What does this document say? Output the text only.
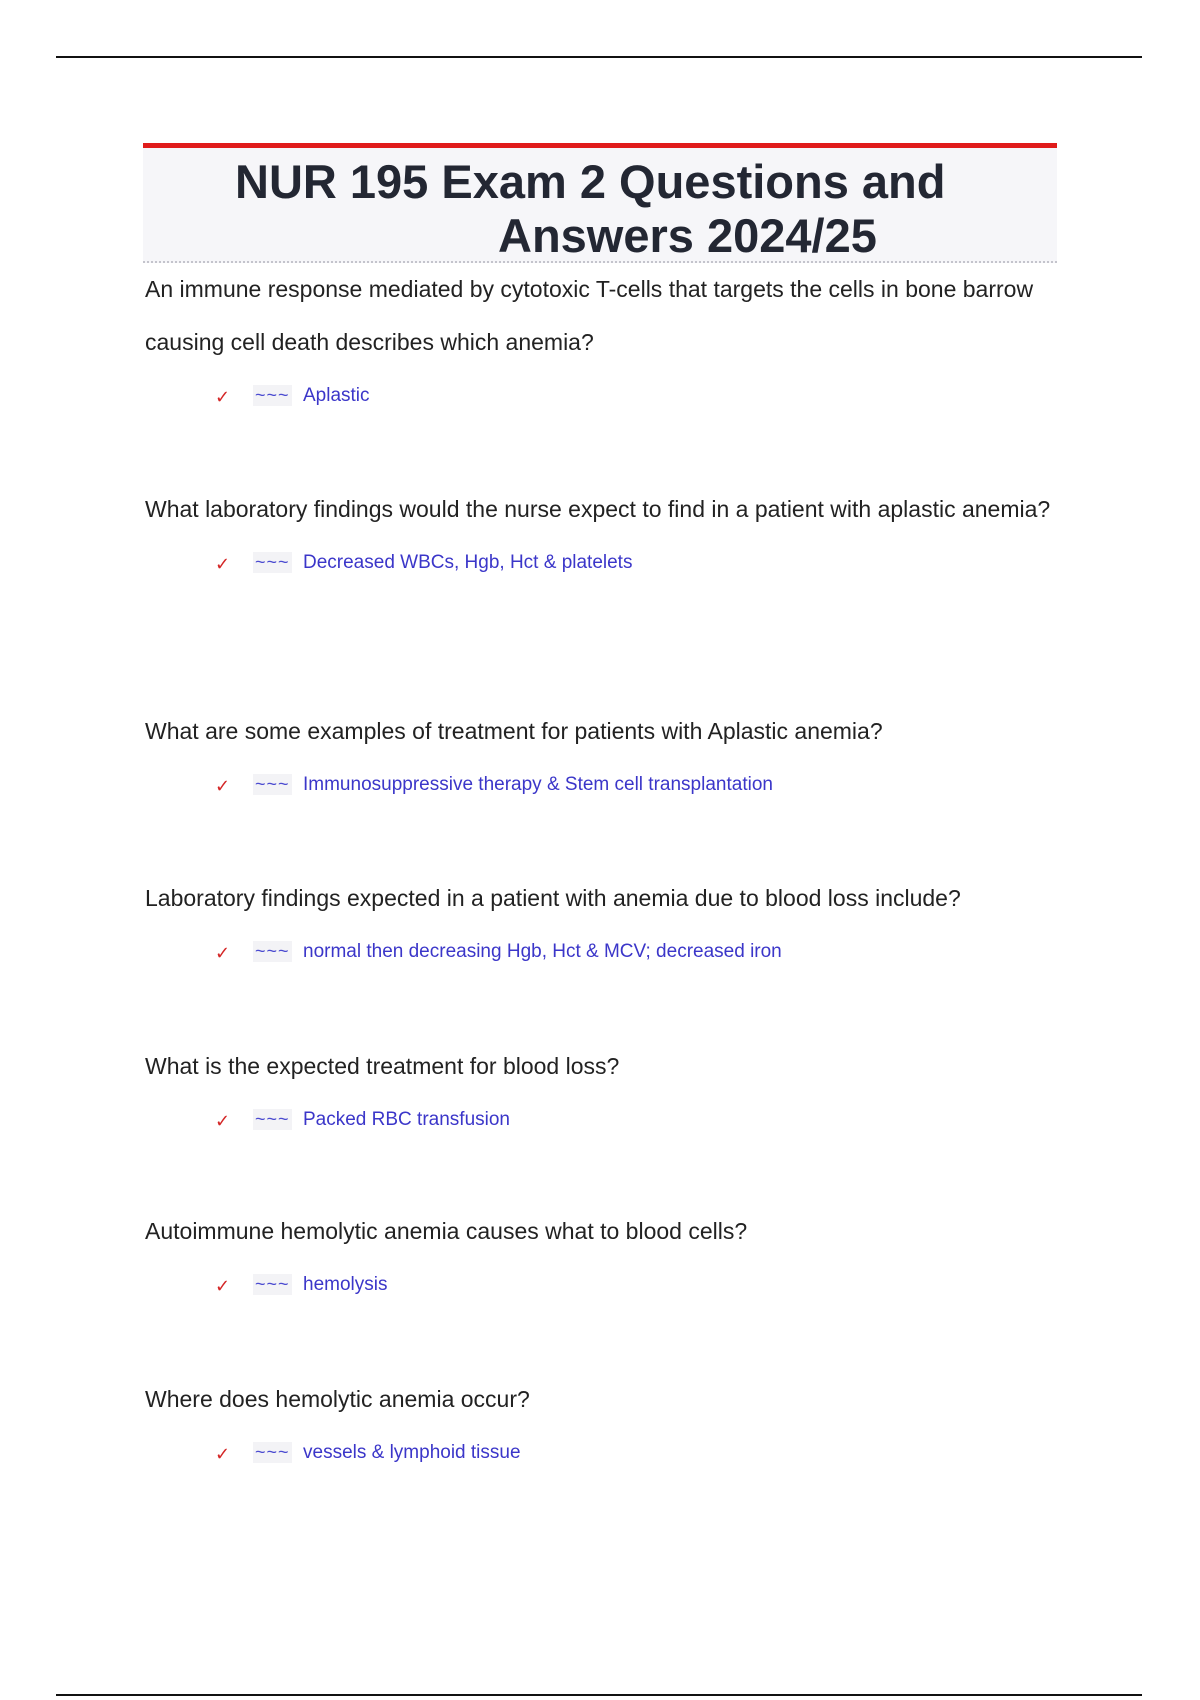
NUR 195 Exam 2 Questions and
Answers 2024/25
An immune response mediated by cytotoxic T-cells that targets the cells in bone barrow causing cell death describes which anemia?
✓ ~~~ Aplastic
What laboratory findings would the nurse expect to find in a patient with aplastic anemia?
✓ ~~~ Decreased WBCs, Hgb, Hct & platelets
What are some examples of treatment for patients with Aplastic anemia?
✓ ~~~ Immunosuppressive therapy & Stem cell transplantation
Laboratory findings expected in a patient with anemia due to blood loss include?
✓ ~~~ normal then decreasing Hgb, Hct & MCV; decreased iron
What is the expected treatment for blood loss?
✓ ~~~ Packed RBC transfusion
Autoimmune hemolytic anemia causes what to blood cells?
✓ ~~~ hemolysis
Where does hemolytic anemia occur?
✓ ~~~ vessels & lymphoid tissue
